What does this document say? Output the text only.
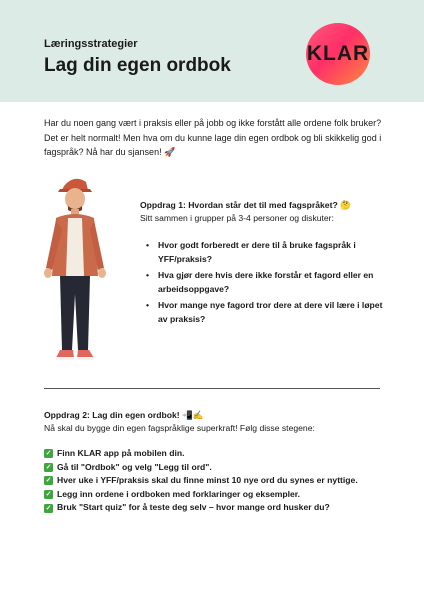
Læringsstrategier
Lag din egen ordbok
KLAR
Har du noen gang vært i praksis eller på jobb og ikke forstått alle ordene folk bruker? Det er helt normalt! Men hva om du kunne lage din egen ordbok og bli skikkelig god i fagspråk? Nå har du sjansen! 🚀
Oppdrag 1: Hvordan står det til med fagspråket? 🤔
Sitt sammen i grupper på 3-4 personer og diskuter:
• Hvor godt forberedt er dere til å bruke fagspråk i YFF/praksis?
• Hva gjør dere hvis dere ikke forstår et fagord eller en arbeidsoppgave?
• Hvor mange nye fagord tror dere at dere vil lære i løpet av praksis?
Oppdrag 2: Lag din egen ordbok! 📲✍️
Nå skal du bygge din egen fagspråklige superkraft! Følg disse stegene:
✓ Finn KLAR app på mobilen din.
✓ Gå til "Ordbok" og velg "Legg til ord".
✓ Hver uke i YFF/praksis skal du finne minst 10 nye ord du synes er nyttige.
✓ Legg inn ordene i ordboken med forklaringer og eksempler.
✓ Bruk "Start quiz" for å teste deg selv – hvor mange ord husker du?
